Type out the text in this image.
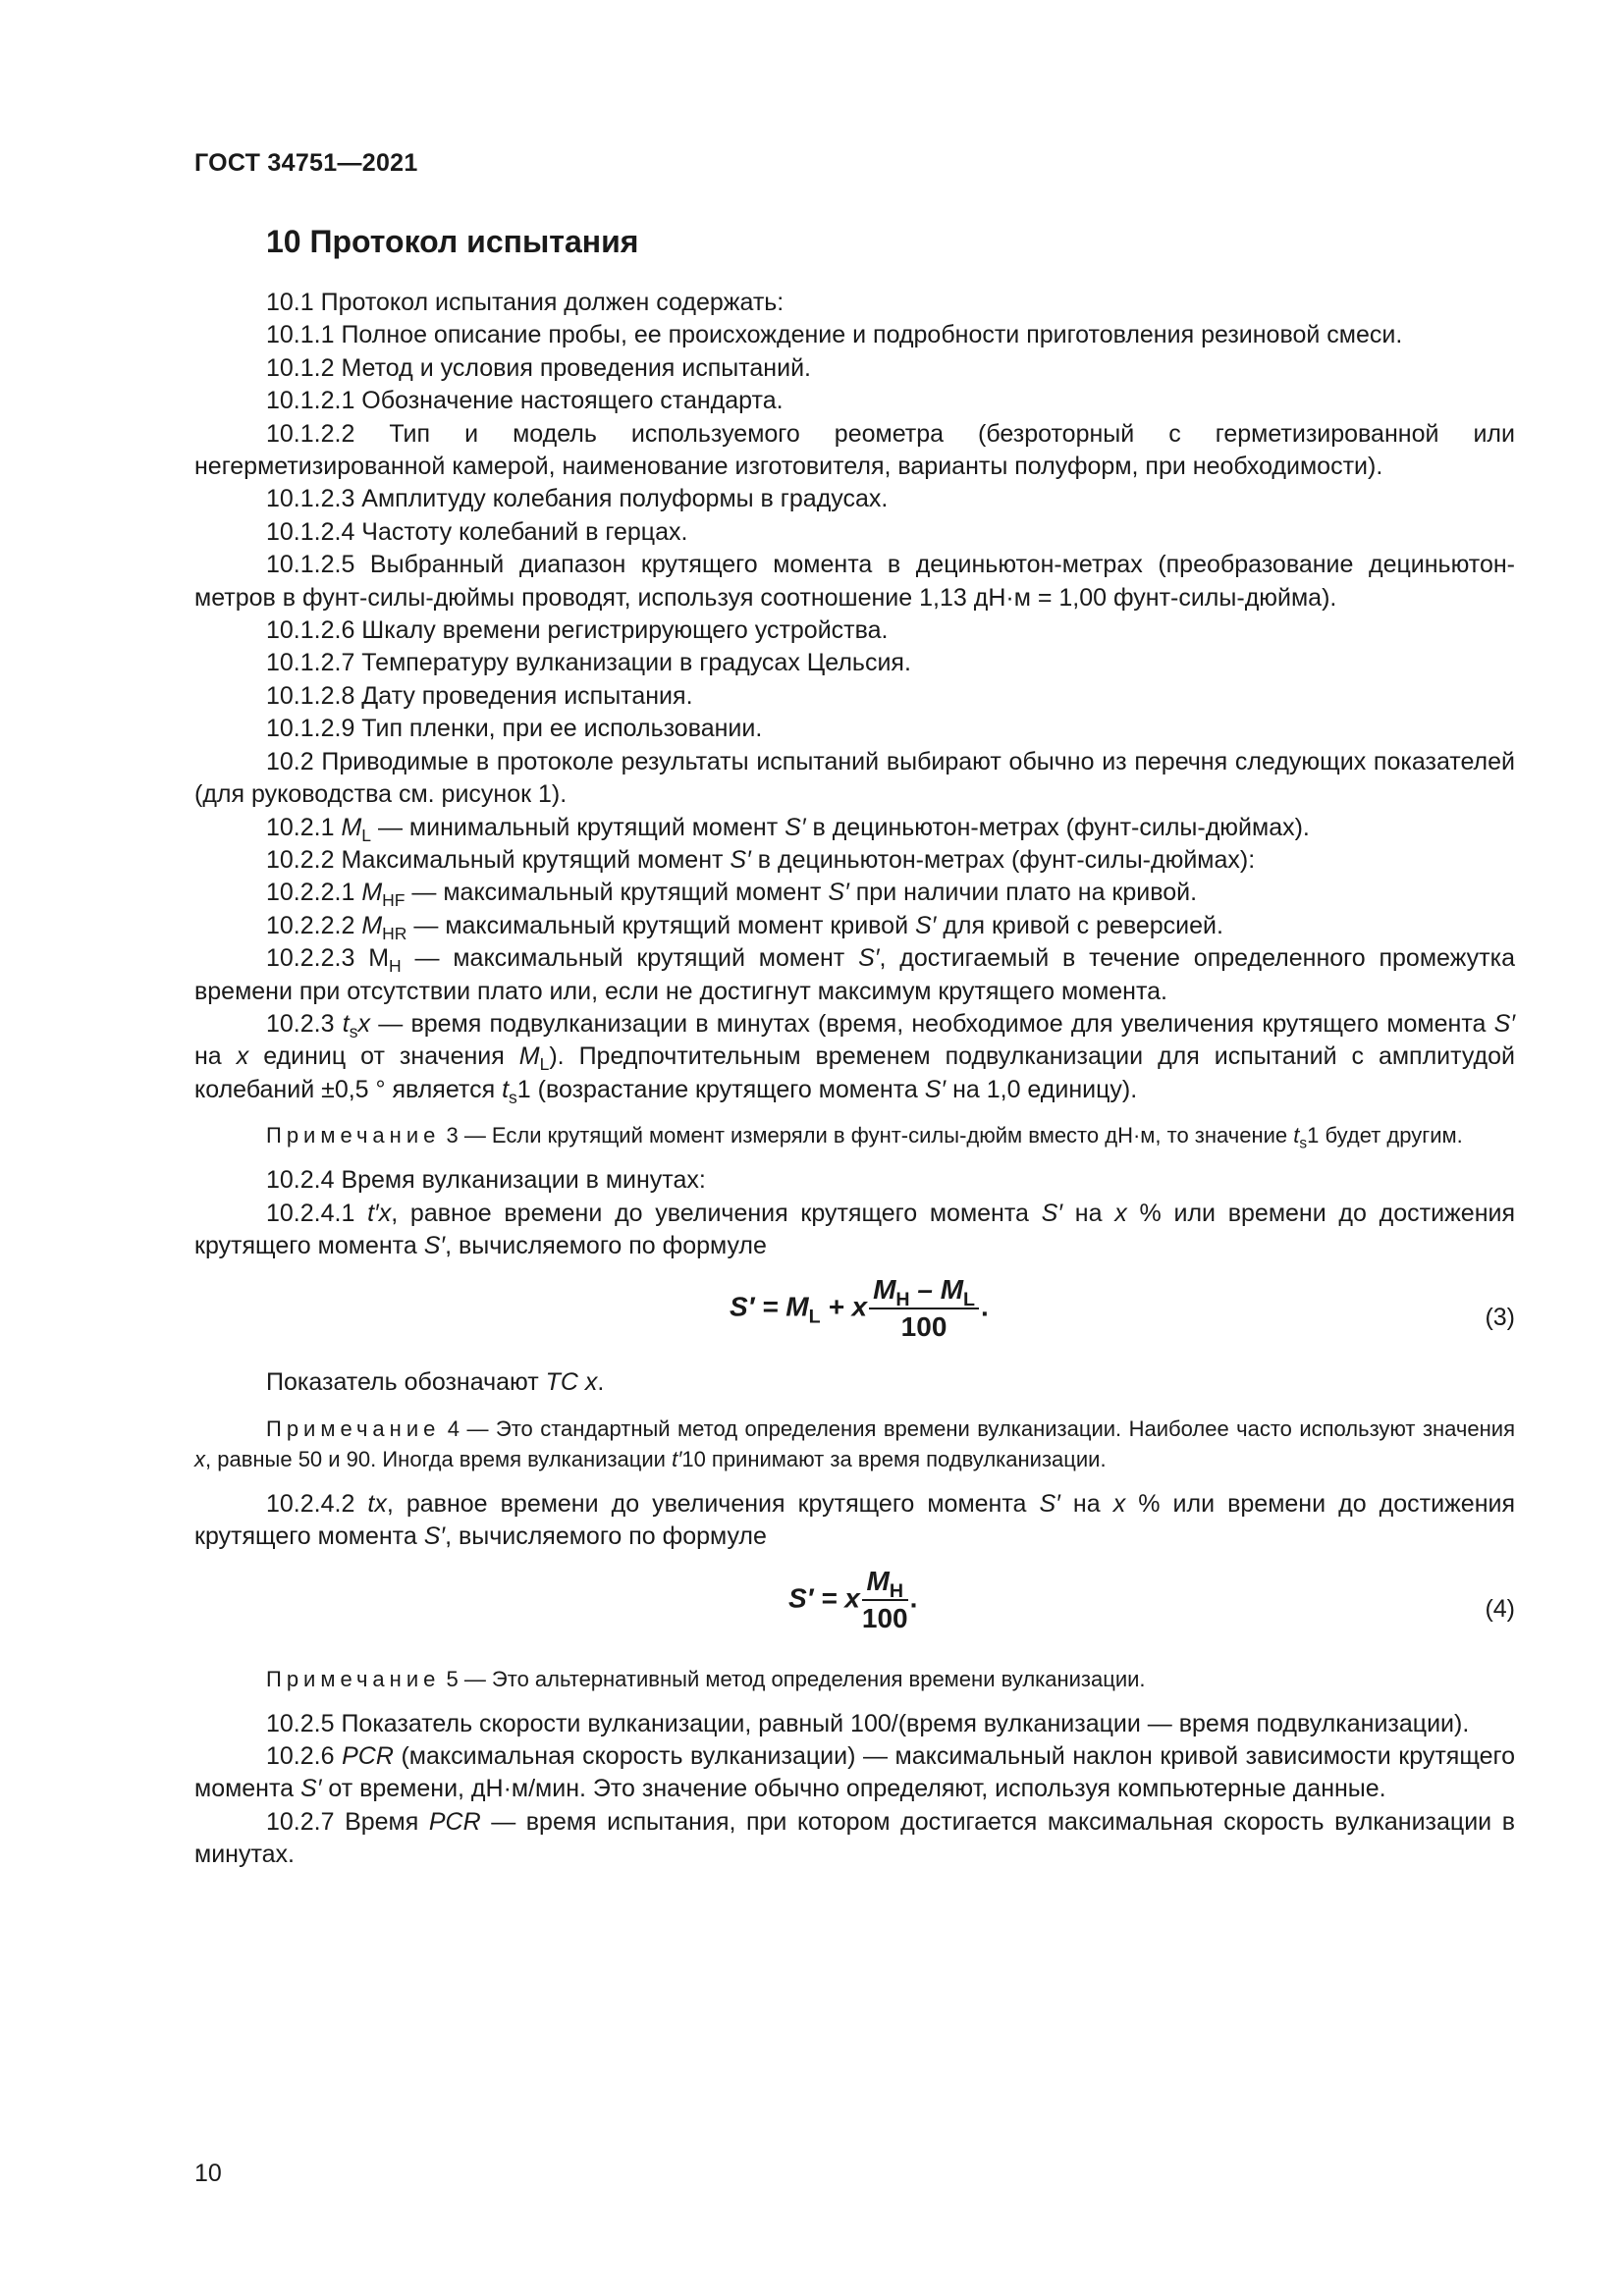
ГОСТ 34751—2021
10 Протокол испытания

10.1 Протокол испытания должен содержать:

10.1.1 Полное описание пробы, ее происхождение и подробности приготовления резиновой смеси.

10.1.2 Метод и условия проведения испытаний.

10.1.2.1 Обозначение настоящего стандарта.

10.1.2.2 Тип и модель используемого реометра (безроторный с герметизированной или негерметизированной камерой, наименование изготовителя, варианты полуформ, при необходимости).

10.1.2.3 Амплитуду колебания полуформы в градусах.

10.1.2.4 Частоту колебаний в герцах.

10.1.2.5 Выбранный диапазон крутящего момента в дециньютон-метрах (преобразование дециньютон-метров в фунт-силы-дюймы проводят, используя соотношение 1,13 дН·м = 1,00 фунт-силы-дюйма).

10.1.2.6 Шкалу времени регистрирующего устройства.

10.1.2.7 Температуру вулканизации в градусах Цельсия.

10.1.2.8 Дату проведения испытания.

10.1.2.9 Тип пленки, при ее использовании.

10.2 Приводимые в протоколе результаты испытаний выбирают обычно из перечня следующих показателей (для руководства см. рисунок 1).

10.2.1 $M_L$ — минимальный крутящий момент S′ в дециньютон-метрах (фунт-силы-дюймах).

10.2.2 Максимальный крутящий момент S′ в дециньютон-метрах (фунт-силы-дюймах):

10.2.2.1 $M_{HF}$ — максимальный крутящий момент S′ при наличии плато на кривой.

10.2.2.2 $M_{HR}$ — максимальный крутящий момент кривой S′ для кривой с реверсией.

10.2.2.3 $M_H$ — максимальный крутящий момент S′, достигаемый в течение определенного промежутка времени при отсутствии плато или, если не достигнут максимум крутящего момента.

10.2.3 $t_sx$ — время подвулканизации в минутах (время, необходимое для увеличения крутящего момента S′ на x единиц от значения $M_L$). Предпочтительным временем подвулканизации для испытаний с амплитудой колебаний ±0,5 ° является $t_s1$ (возрастание крутящего момента S′ на 1,0 единицу).

Примечание 3 — Если крутящий момент измеряли в фунт-силы-дюйм вместо дН·м, то значение $t_s1$ будет другим.

10.2.4 Время вулканизации в минутах:

10.2.4.1 t′x, равное времени до увеличения крутящего момента S′ на x % или времени до достижения крутящего момента S′, вычисляемого по формуле

$S' = M_L + x \frac{M_H - M_L}{100}$ .	(3)

Показатель обозначают TC x.

Примечание 4 — Это стандартный метод определения времени вулканизации. Наиболее часто используют значения x, равные 50 и 90. Иногда время вулканизации t′10 принимают за время подвулканизации.

10.2.4.2 tx, равное времени до увеличения крутящего момента S′ на x % или времени до достижения крутящего момента S′, вычисляемого по формуле

S′ = x $\frac{M_H}{100}$ .	(4)

Примечание 5 — Это альтернативный метод определения времени вулканизации.

10.2.5 Показатель скорости вулканизации, равный 100/(время вулканизации — время подвулканизации).

10.2.6 PCR (максимальная скорость вулканизации) — максимальный наклон кривой зависимости крутящего момента S′ от времени, дН·м/мин. Это значение обычно определяют, используя компьютерные данные.

10.2.7 Время PCR — время испытания, при котором достигается максимальная скорость вулканизации в минутах.

10
